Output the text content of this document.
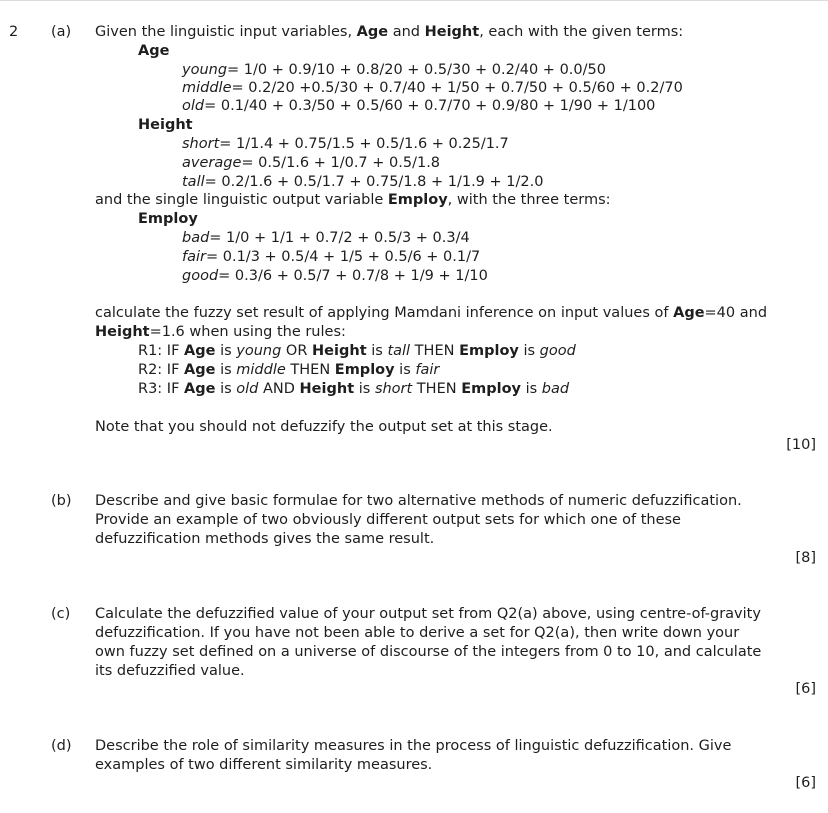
2 (a) Given the linguistic input variables, Age and Height, each with the given terms:
Age
young= 1/0 + 0.9/10 + 0.8/20 + 0.5/30 + 0.2/40 + 0.0/50
middle= 0.2/20 +0.5/30 + 0.7/40 + 1/50 + 0.7/50 + 0.5/60 + 0.2/70
old= 0.1/40 + 0.3/50 + 0.5/60 + 0.7/70 + 0.9/80 + 1/90 + 1/100
Height
short= 1/1.4 + 0.75/1.5 + 0.5/1.6 + 0.25/1.7
average= 0.5/1.6 + 1/0.7 + 0.5/1.8
tall= 0.2/1.6 + 0.5/1.7 + 0.75/1.8 + 1/1.9 + 1/2.0
and the single linguistic output variable Employ, with the three terms:
Employ
bad= 1/0 + 1/1 + 0.7/2 + 0.5/3 + 0.3/4
fair= 0.1/3 + 0.5/4 + 1/5 + 0.5/6 + 0.1/7
good= 0.3/6 + 0.5/7 + 0.7/8 + 1/9 + 1/10
calculate the fuzzy set result of applying Mamdani inference on input values of Age=40 and
Height=1.6 when using the rules:
R1: IF Age is young OR Height is tall THEN Employ is good
R2: IF Age is middle THEN Employ is fair
R3: IF Age is old AND Height is short THEN Employ is bad
Note that you should not defuzzify the output set at this stage.
[10]
(b) Describe and give basic formulae for two alternative methods of numeric defuzzification.
Provide an example of two obviously different output sets for which one of these
defuzzification methods gives the same result.
[8]
(c) Calculate the defuzzified value of your output set from Q2(a) above, using centre-of-gravity
defuzzification. If you have not been able to derive a set for Q2(a), then write down your
own fuzzy set defined on a universe of discourse of the integers from 0 to 10, and calculate
its defuzzified value.
[6]
(d) Describe the role of similarity measures in the process of linguistic defuzzification. Give
examples of two different similarity measures.
[6]
